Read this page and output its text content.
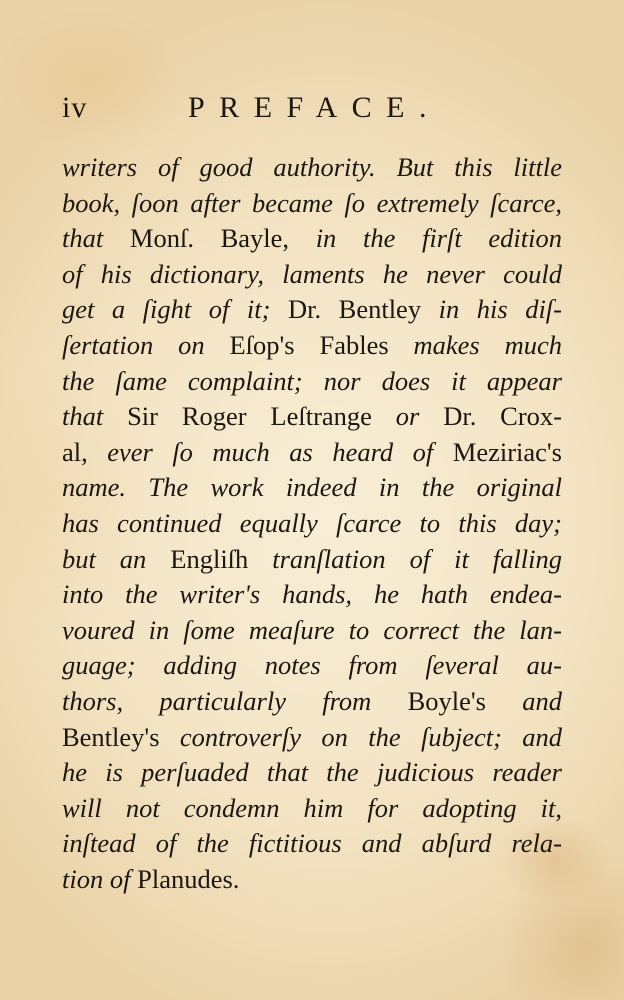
iv	PREFACE.
writers of good authority. But this little
book, ſoon after became ſo extremely ſcarce,
that Monſ. Bayle, in the firſt edition
of his dictionary, laments he never could
get a ſight of it; Dr. Bentley in his diſ-
ſertation on Eſop's Fables makes much
the ſame complaint; nor does it appear
that Sir Roger Leſtrange or Dr. Crox-
al, ever ſo much as heard of Meziriac's
name. The work indeed in the original
has continued equally ſcarce to this day;
but an Engliſh tranſlation of it falling
into the writer's hands, he hath endea-
voured in ſome meaſure to correct the lan-
guage; adding notes from ſeveral au-
thors, particularly from Boyle's and
Bentley's controverſy on the ſubject; and
he is perſuaded that the judicious reader
will not condemn him for adopting it,
inſtead of the fictitious and abſurd rela-
tion of Planudes.
